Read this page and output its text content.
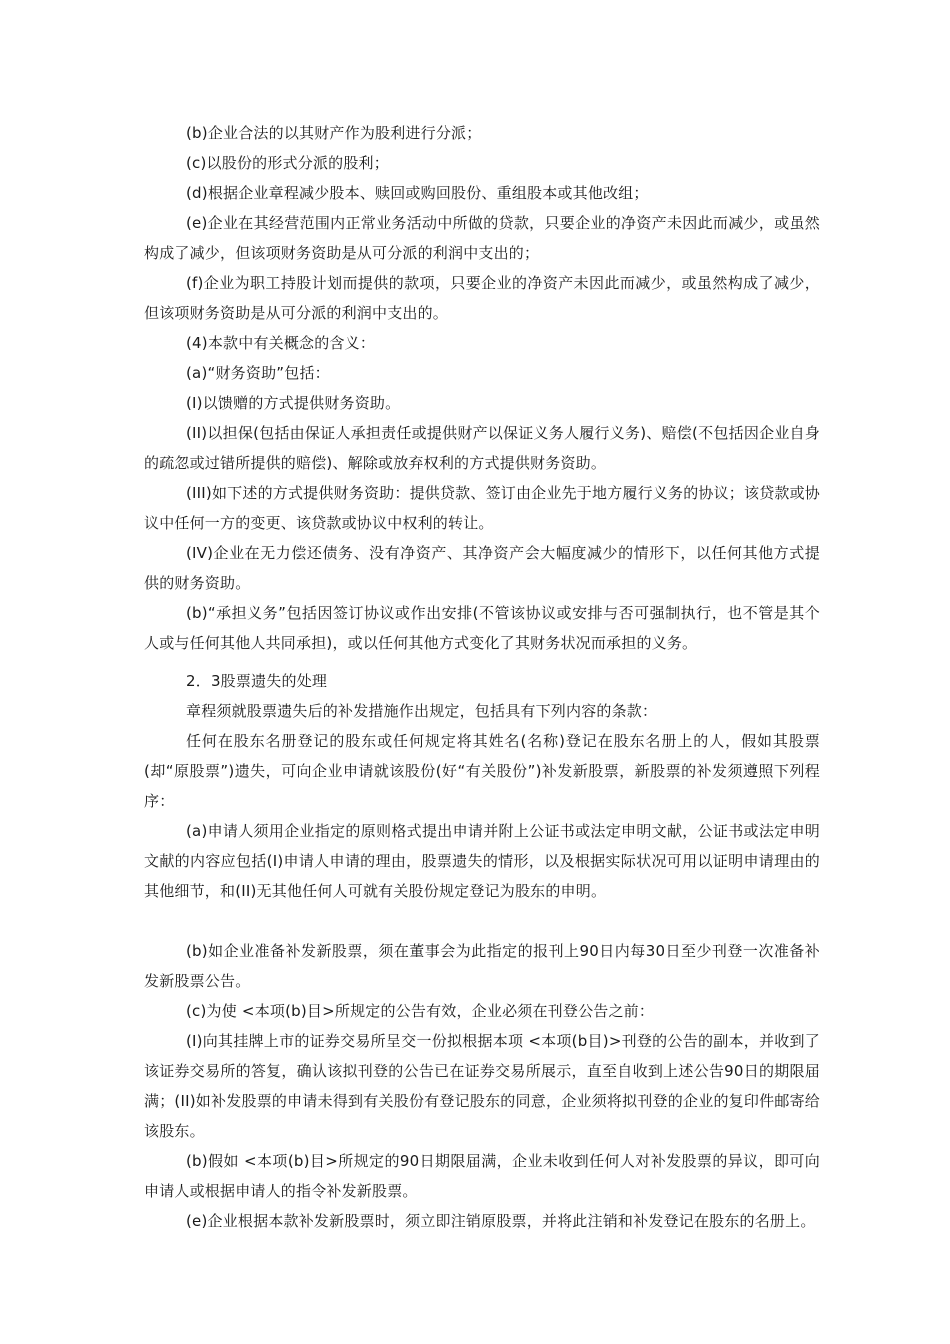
(b)企业合法的以其财产作为股利进行分派；

(c)以股份的形式分派的股利；

(d)根据企业章程减少股本、赎回或购回股份、重组股本或其他改组；

(e)企业在其经营范围内正常业务活动中所做的贷款，只要企业的净资产未因此而减少，或虽然构成了减少，但该项财务资助是从可分派的利润中支出的；

(f)企业为职工持股计划而提供的款项，只要企业的净资产未因此而减少，或虽然构成了减少，但该项财务资助是从可分派的利润中支出的。

(4)本款中有关概念的含义：

(a)“财务资助”包括：

(I)以馈赠的方式提供财务资助。

(II)以担保(包括由保证人承担责任或提供财产以保证义务人履行义务)、赔偿(不包括因企业自身的疏忽或过错所提供的赔偿)、解除或放弃权利的方式提供财务资助。

(III)如下述的方式提供财务资助：提供贷款、签订由企业先于地方履行义务的协议；该贷款或协议中任何一方的变更、该贷款或协议中权利的转让。

(IV)企业在无力偿还债务、没有净资产、其净资产会大幅度减少的情形下，以任何其他方式提供的财务资助。

(b)“承担义务”包括因签订协议或作出安排(不管该协议或安排与否可强制执行，也不管是其个人或与任何其他人共同承担)，或以任何其他方式变化了其财务状况而承担的义务。

2．3股票遗失的处理

章程须就股票遗失后的补发措施作出规定，包括具有下列内容的条款：

任何在股东名册登记的股东或任何规定将其姓名(名称)登记在股东名册上的人，假如其股票(却“原股票”)遗失，可向企业申请就该股份(好“有关股份”)补发新股票，新股票的补发须遵照下列程序：

(a)申请人须用企业指定的原则格式提出申请并附上公证书或法定申明文献，公证书或法定申明文献的内容应包括(I)申请人申请的理由，股票遗失的情形，以及根据实际状况可用以证明申请理由的其他细节，和(II)无其他任何人可就有关股份规定登记为股东的申明。

(b)如企业准备补发新股票，须在董事会为此指定的报刊上90日内每30日至少刊登一次准备补发新股票公告。

(c)为使 <本项(b)目>所规定的公告有效，企业必须在刊登公告之前：

(I)向其挂牌上市的证券交易所呈交一份拟根据本项 <本项(b目)>刊登的公告的副本，并收到了该证券交易所的答复，确认该拟刊登的公告已在证券交易所展示，直至自收到上述公告90日的期限届满；(II)如补发股票的申请未得到有关股份有登记股东的同意，企业须将拟刊登的企业的复印件邮寄给该股东。

(b)假如 <本项(b)目>所规定的90日期限届满，企业未收到任何人对补发股票的异议，即可向申请人或根据申请人的指令补发新股票。

(e)企业根据本款补发新股票时，须立即注销原股票，并将此注销和补发登记在股东的名册上。
